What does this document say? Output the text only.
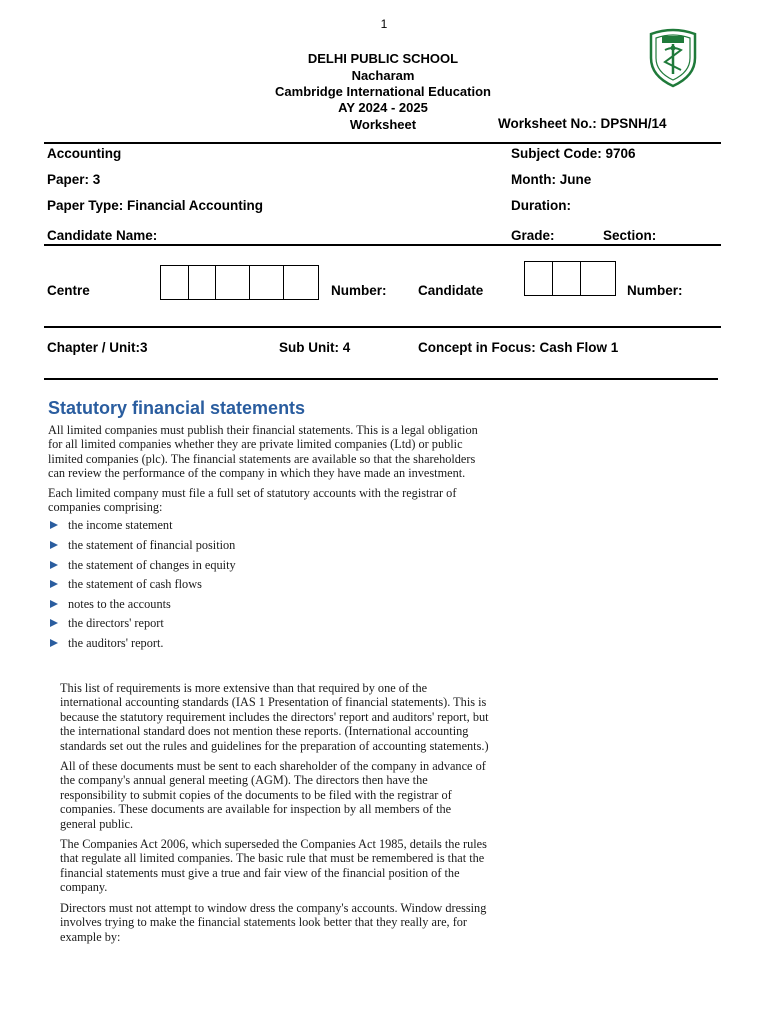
1
DELHI PUBLIC SCHOOL
Nacharam
Cambridge International Education
AY 2024 - 2025
Worksheet	Worksheet No.: DPSNH/14
Accounting	Subject Code: 9706
Paper: 3	Month: June
Paper Type: Financial Accounting	Duration:
Candidate Name:	Grade:	Section:
Centre	Number: Candidate	Number:
Chapter / Unit:3	Sub Unit: 4	Concept in Focus: Cash Flow 1
Statutory financial statements

All limited companies must publish their financial statements. This is a legal obligation for all limited companies whether they are private limited companies (Ltd) or public limited companies (plc). The financial statements are available so that the shareholders can review the performance of the company in which they have made an investment.

Each limited company must file a full set of statutory accounts with the registrar of companies comprising:

the income statement
the statement of financial position
the statement of changes in equity
the statement of cash flows
notes to the accounts
the directors' report
the auditors' report.

This list of requirements is more extensive than that required by one of the international accounting standards (IAS 1 Presentation of financial statements). This is because the statutory requirement includes the directors' report and auditors' report, but the international standard does not mention these reports. (International accounting standards set out the rules and guidelines for the preparation of accounting statements.)

All of these documents must be sent to each shareholder of the company in advance of the company's annual general meeting (AGM). The directors then have the responsibility to submit copies of the documents to be filed with the registrar of companies. These documents are available for inspection by all members of the general public.

The Companies Act 2006, which superseded the Companies Act 1985, details the rules that regulate all limited companies. The basic rule that must be remembered is that the financial statements must give a true and fair view of the financial position of the company.

Directors must not attempt to window dress the company's accounts. Window dressing involves trying to make the financial statements look better that they really are, for example by:
